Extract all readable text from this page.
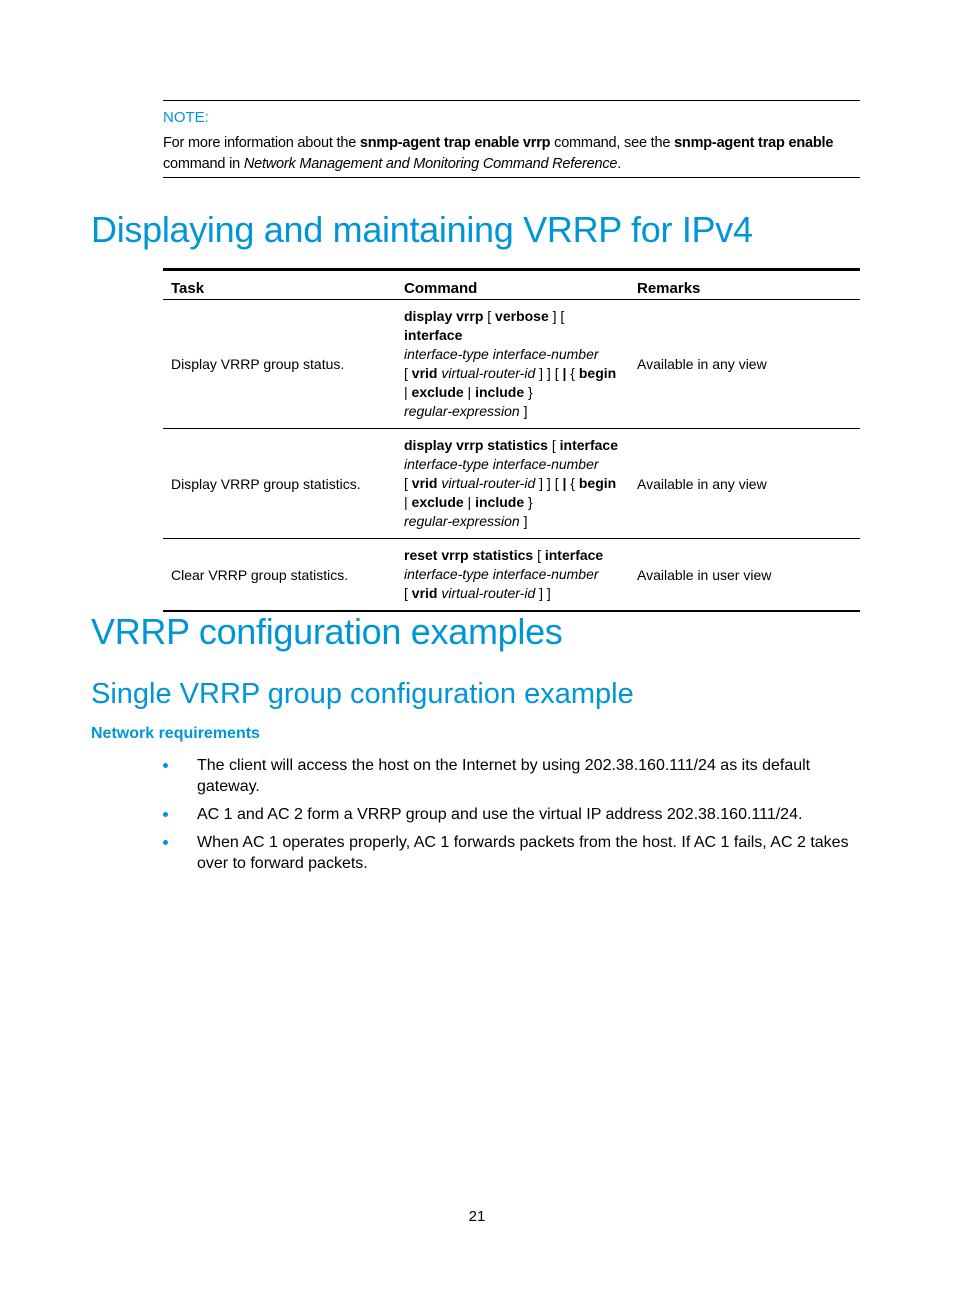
NOTE:
For more information about the snmp-agent trap enable vrrp command, see the snmp-agent trap enable
command in Network Management and Monitoring Command Reference.
Displaying and maintaining VRRP for IPv4
Task	Command	Remarks
Display VRRP group status.	display vrrp [ verbose ] [ interface
interface-type interface-number
[ vrid virtual-router-id ] ] [ | { begin
| exclude | include }
regular-expression ]	Available in any view
Display VRRP group statistics.	display vrrp statistics [ interface
interface-type interface-number
[ vrid virtual-router-id ] ] [ | { begin
| exclude | include }
regular-expression ]	Available in any view
Clear VRRP group statistics.	reset vrrp statistics [ interface
interface-type interface-number
[ vrid virtual-router-id ] ]	Available in user view
VRRP configuration examples
Single VRRP group configuration example
Network requirements
The client will access the host on the Internet by using 202.38.160.111/24 as its default gateway.
AC 1 and AC 2 form a VRRP group and use the virtual IP address 202.38.160.111/24.
When AC 1 operates properly, AC 1 forwards packets from the host. If AC 1 fails, AC 2 takes over to forward packets.
21
